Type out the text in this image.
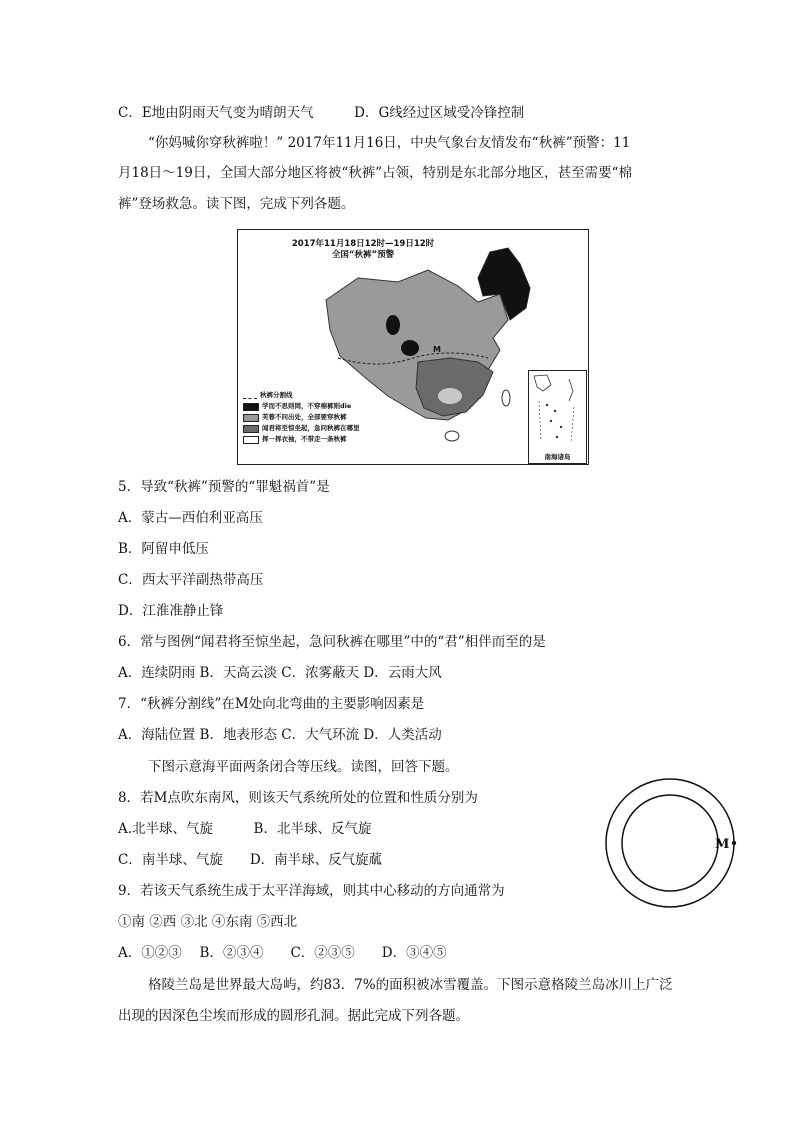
C．E地由阴雨天气变为晴朗天气　　　D．G线经过区域受冷锋控制
“你妈喊你穿秋裤啦！” 2017年11月16日，中央气象台友情发布“秋裤”预警：11
月18日～19日，全国大部分地区将被“秋裤”占领，特别是东北部分地区，甚至需要“棉
裤”登场救急。读下图，完成下列各题。
2017年11月18日12时—19日12时
全国“秋裤”预警
M
秋裤分割线
学而不思则罔，不穿棉裤则die
芙蓉不问出处，全部要穿秋裤
闻君将至惊坐起，急问秋裤在哪里
挥一挥衣袖，不带走一条秋裤
南海诸岛
5．导致“秋裤”预警的“罪魁祸首”是
A．蒙古—西伯利亚高压
B．阿留申低压
C．西太平洋副热带高压
D．江淮准静止锋
6．常与图例“闻君将至惊坐起，急问秋裤在哪里”中的“君”相伴而至的是
A．连续阴雨 B．天高云淡 C．浓雾蔽天 D．云雨大风
7．“秋裤分割线”在M处向北弯曲的主要影响因素是
A．海陆位置 B．地表形态 C．大气环流 D．人类活动
下图示意海平面两条闭合等压线。读图，回答下题。
8．若M点吹东南风，则该天气系统所处的位置和性质分别为
A.北半球、气旋　　　B．北半球、反气旋
C．南半球、气旋　　D．南半球、反气旋蓏
9．若该天气系统生成于太平洋海域，则其中心移动的方向通常为
①南 ②西 ③北 ④东南 ⑤西北
A．①②③　 B．②③④　　C．②③⑤　　D．③④⑤
格陵兰岛是世界最大岛屿，约83．7%的面积被冰雪覆盖。下图示意格陵兰岛冰川上广泛
出现的因深色尘埃而形成的圆形孔洞。据此完成下列各题。
M
